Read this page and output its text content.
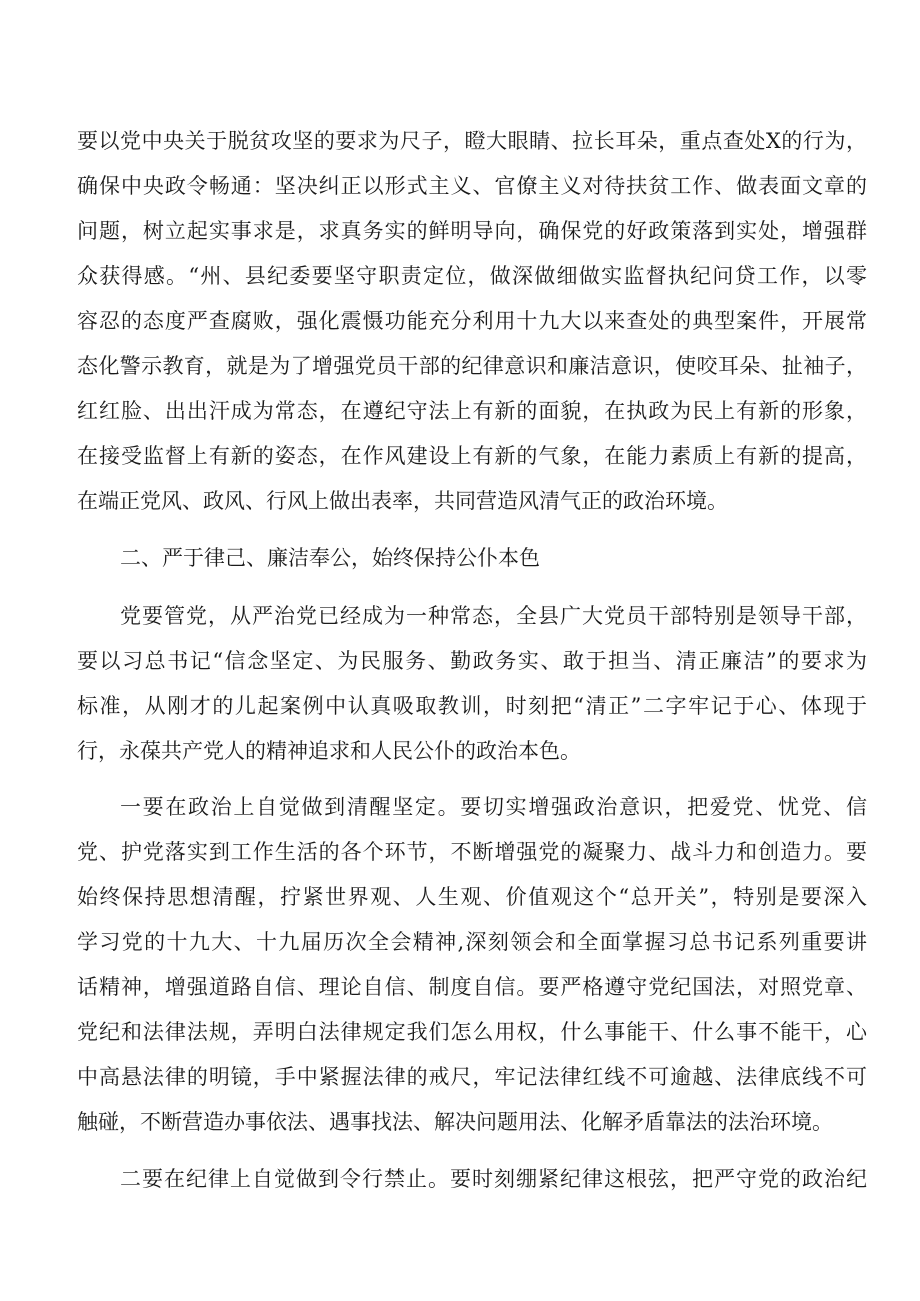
要以党中央关于脱贫攻坚的要求为尺子，瞪大眼睛、拉长耳朵，重点查处X的行为，
确保中央政令畅通：坚决纠正以形式主义、官僚主义对待扶贫工作、做表面文章的
问题，树立起实事求是，求真务实的鲜明导向，确保党的好政策落到实处，增强群
众获得感。“州、县纪委要坚守职责定位，做深做细做实监督执纪问贷工作，以零
容忍的态度严查腐败，强化震慑功能充分利用十九大以来查处的典型案件，开展常
态化警示教育，就是为了增强党员干部的纪律意识和廉洁意识，使咬耳朵、扯袖子，
红红脸、出出汗成为常态，在遵纪守法上有新的面貌，在执政为民上有新的形象，
在接受监督上有新的姿态，在作风建设上有新的气象，在能力素质上有新的提高，
在端正党风、政风、行风上做出表率，共同营造风清气正的政治环境。
二、严于律己、廉洁奉公，始终保持公仆本色
党要管党，从严治党已经成为一种常态，全县广大党员干部特别是领导干部，
要以习总书记“信念坚定、为民服务、勤政务实、敢于担当、清正廉洁”的要求为
标准，从刚才的儿起案例中认真吸取教训，时刻把“清正”二字牢记于心、体现于
行，永葆共产党人的精神追求和人民公仆的政治本色。
一要在政治上自觉做到清醒坚定。要切实增强政治意识，把爱党、忧党、信
党、护党落实到工作生活的各个环节，不断增强党的凝聚力、战斗力和创造力。要
始终保持思想清醒，拧紧世界观、人生观、价值观这个“总开关”，特别是要深入
学习党的十九大、十九届历次全会精神,深刻领会和全面掌握习总书记系列重要讲
话精神，增强道路自信、理论自信、制度自信。要严格遵守党纪国法，对照党章、
党纪和法律法规，弄明白法律规定我们怎么用权，什么事能干、什么事不能干，心
中高悬法律的明镜，手中紧握法律的戒尺，牢记法律红线不可逾越、法律底线不可
触碰，不断营造办事依法、遇事找法、解决问题用法、化解矛盾靠法的法治环境。
二要在纪律上自觉做到令行禁止。要时刻绷紧纪律这根弦，把严守党的政治纪
